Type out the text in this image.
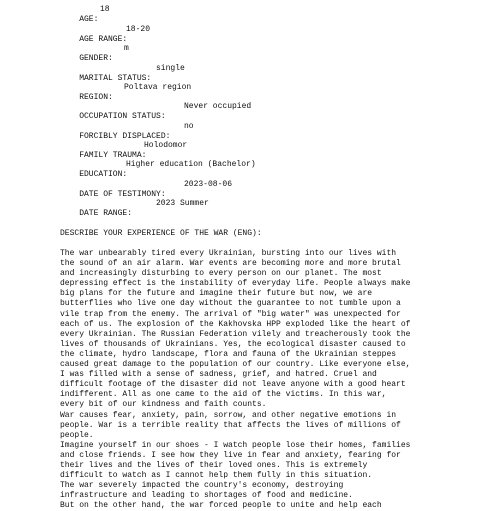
AGE:

18

AGE RANGE:

18-20

GENDER:

m

MARITAL STATUS:

single

REGION:

Poltava region

OCCUPATION STATUS:

Never occupied

FORCIBLY DISPLACED:

no

FAMILY TRAUMA:

Holodomor

EDUCATION:

Higher education (Bachelor)

DATE OF TESTIMONY:

2023-08-06

DATE RANGE:

2023 Summer

DESCRIBE YOUR EXPERIENCE OF THE WAR (ENG):
The war unbearably tired every Ukrainian, bursting into our lives with
the sound of an air alarm. War events are becoming more and more brutal
and increasingly disturbing to every person on our planet. The most
depressing effect is the instability of everyday life. People always make
big plans for the future and imagine their future but now, we are
butterflies who live one day without the guarantee to not tumble upon a
vile trap from the enemy. The arrival of "big water" was unexpected for
each of us. The explosion of the Kakhovska HPP exploded like the heart of
every Ukrainian. The Russian Federation vilely and treacherously took the
lives of thousands of Ukrainians. Yes, the ecological disaster caused to
the climate, hydro landscape, flora and fauna of the Ukrainian steppes
caused great damage to the population of our country. Like everyone else,
I was filled with a sense of sadness, grief, and hatred. Cruel and
difficult footage of the disaster did not leave anyone with a good heart
indifferent. All as one came to the aid of the victims. In this war,
every bit of our kindness and faith counts.
War causes fear, anxiety, pain, sorrow, and other negative emotions in
people. War is a terrible reality that affects the lives of millions of
people.
Imagine yourself in our shoes - I watch people lose their homes, families
and close friends. I see how they live in fear and anxiety, fearing for
their lives and the lives of their loved ones. This is extremely
difficult to watch as I cannot help them fully in this situation.
The war severely impacted the country's economy, destroying
infrastructure and leading to shortages of food and medicine.
But on the other hand, the war forced people to unite and help each
